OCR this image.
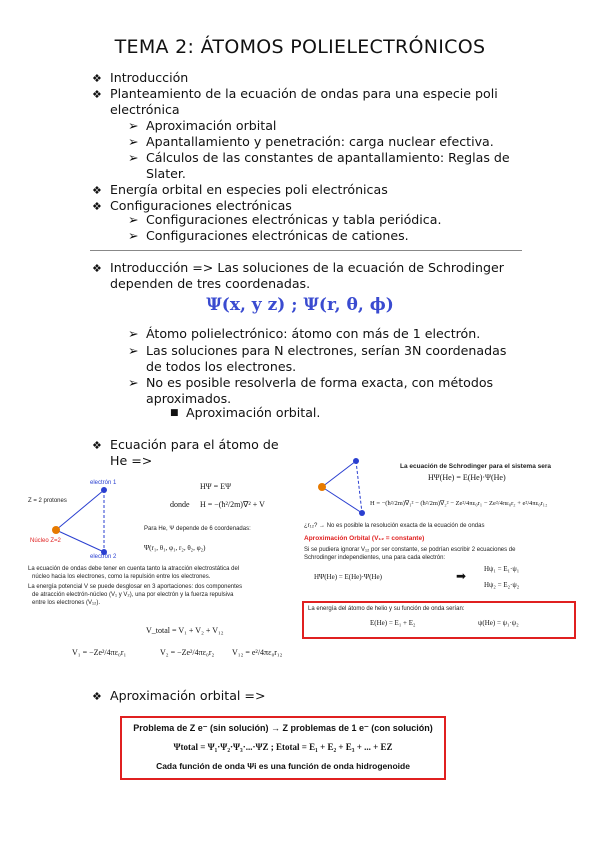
TEMA 2: ÁTOMOS POLIELECTRÓNICOS
❖ Introducción
❖ Planteamiento de la ecuación de ondas para una especie poli
electrónica
➢ Aproximación orbital
➢ Apantallamiento y penetración: carga nuclear efectiva.
➢ Cálculos de las constantes de apantallamiento: Reglas de
Slater.
❖ Energía orbital en especies poli electrónicas
❖ Configuraciones electrónicas
➢ Configuraciones electrónicas y tabla periódica.
➢ Configuraciones electrónicas de cationes.
❖ Introducción => Las soluciones de la ecuación de Schrodinger
dependen de tres coordenadas.
Ψ(x, y z) ; Ψ(r, θ, ϕ)
➢ Átomo polielectrónico: átomo con más de 1 electrón.
➢ Las soluciones para N electrones, serían 3N coordenadas
de todos los electrones.
➢ No es posible resolverla de forma exacta, con métodos
aproximados.
■ Aproximación orbital.
❖ Ecuación para el átomo de
He =>
Z = 2 protones
Núcleo Z=2
electrón 1
electrón 2
HΨ = EΨ
donde H = −(ħ²/2m)∇² + V
Para He, Ψ depende de 6 coordenadas:
Ψ(r₁, θ₁, φ₁, r₂, θ₂, φ₂)
La ecuación de ondas debe tener en cuenta tanto la atracción electrostática del
núcleo hacia los electrones, como la repulsión entre los electrones.
La energía potencial V se puede desglosar en 3 aportaciones: dos componentes
de atracción electrón-núcleo (V₁ y V₂), una por electrón y la fuerza repulsiva
entre los electrones (V₁₂).
V_total = V₁ + V₂ + V₁₂
V₁ = −Ze²/4πε₀r₁	V₂ = −Ze²/4πε₀r₂ V₁₂ = e²/4πε₀r₁₂
La ecuación de Schrodinger para el sistema sera
HΨ(He) = E(He)·Ψ(He)
H = −(ħ²/2m)∇₁² − (ħ²/2m)∇₂² − Ze²/4πε₀r₁ − Ze²/4πε₀r₂ + e²/4πε₀r₁₂
¿r₁₂? → No es posible la resolución exacta de la ecuación de ondas
Aproximación Orbital (V₁₂ = constante)
Si se pudiera ignorar V₁₂ por ser constante, se podrían escribir 2 ecuaciones de
Schrodinger independientes, una para cada electrón:
HΨ(He) = E(He)·Ψ(He)	➡	Hψ₁ = E₁·ψ₁
Hψ₂ = E₂·ψ₂
La energía del átomo de helio y su función de onda serían:
E(He) = E₁ + E₂	ψ(He) = ψ₁·ψ₂
❖ Aproximación orbital =>
Problema de Z e⁻ (sin solución) → Z problemas de 1 e⁻ (con solución)
Ψtotal = Ψ₁·Ψ₂·Ψ₃·...·ΨZ ; Etotal = E₁ + E₂ + E₃ + ... + EZ
Cada función de onda Ψi es una función de onda hidrogenoide
